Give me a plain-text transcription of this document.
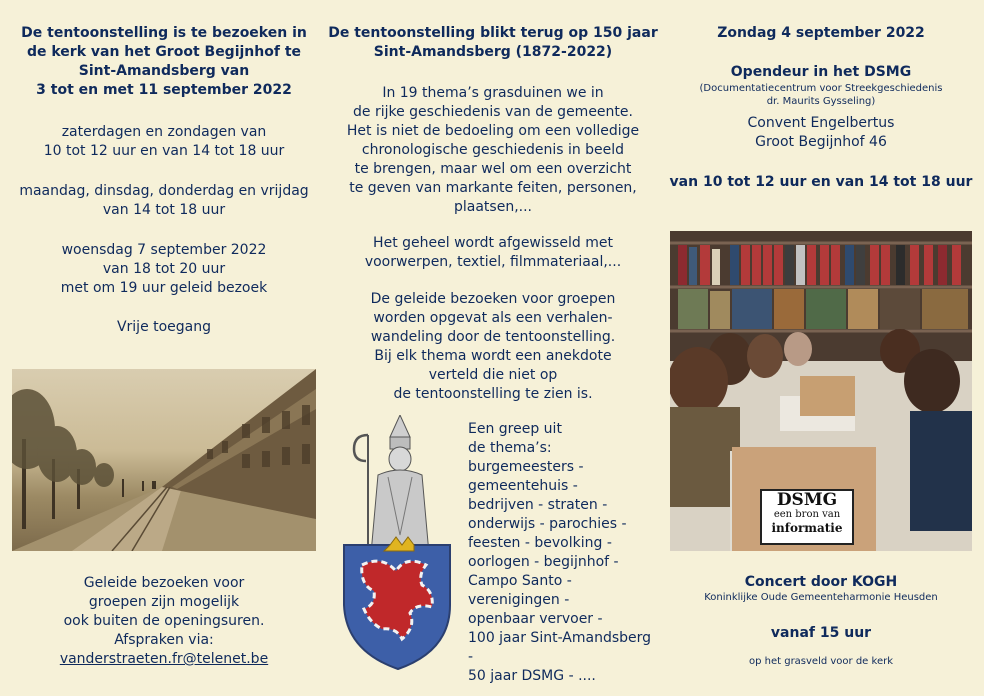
De tentoonstelling is te bezoeken in

de kerk van het Groot Begijnhof te

Sint-Amandsberg van

3 tot en met 11 september 2022

zaterdagen en zondagen van

10 tot 12 uur en van 14 tot 18 uur

maandag, dinsdag, donderdag en vrijdag

van 14 tot 18 uur

woensdag 7 september 2022

van 18 tot 20 uur

met om 19 uur geleid bezoek

Vrije toegang

Geleide bezoeken voor

groepen zijn mogelijk

ook buiten de openingsuren.

Afspraken via:

vanderstraeten.fr@telenet.be

De tentoonstelling blikt terug op 150 jaar

Sint-Amandsberg (1872-2022)

In 19 thema’s grasduinen we in

de rijke geschiedenis van de gemeente.

Het is niet de bedoeling om een volledige

chronologische geschiedenis in beeld

te brengen, maar wel om een overzicht

te geven van markante feiten, personen,

plaatsen,...

Het geheel wordt afgewisseld met

voorwerpen, textiel, filmmateriaal,...

De geleide bezoeken voor groepen

worden opgevat als een verhalen-

wandeling door de tentoonstelling.

Bij elk thema wordt een anekdote

verteld die niet op

de tentoonstelling te zien is.

Een greep uit

de thema’s:

burgemeesters -

gemeentehuis -

bedrijven - straten -

onderwijs - parochies -

feesten - bevolking -

oorlogen - begijnhof -

Campo Santo -

verenigingen -

openbaar vervoer -

100 jaar Sint-Amandsberg -

50 jaar DSMG - ....

Zondag 4 september 2022

Opendeur in het DSMG

(Documentatiecentrum voor Streekgeschiedenis

dr. Maurits Gysseling)

Convent Engelbertus

Groot Begijnhof 46

van 10 tot 12 uur en van 14 tot 18 uur

Concert door KOGH

Koninklijke Oude Gemeenteharmonie Heusden

vanaf 15 uur

op het grasveld voor de kerk

DSMG
een bron van
informatie
